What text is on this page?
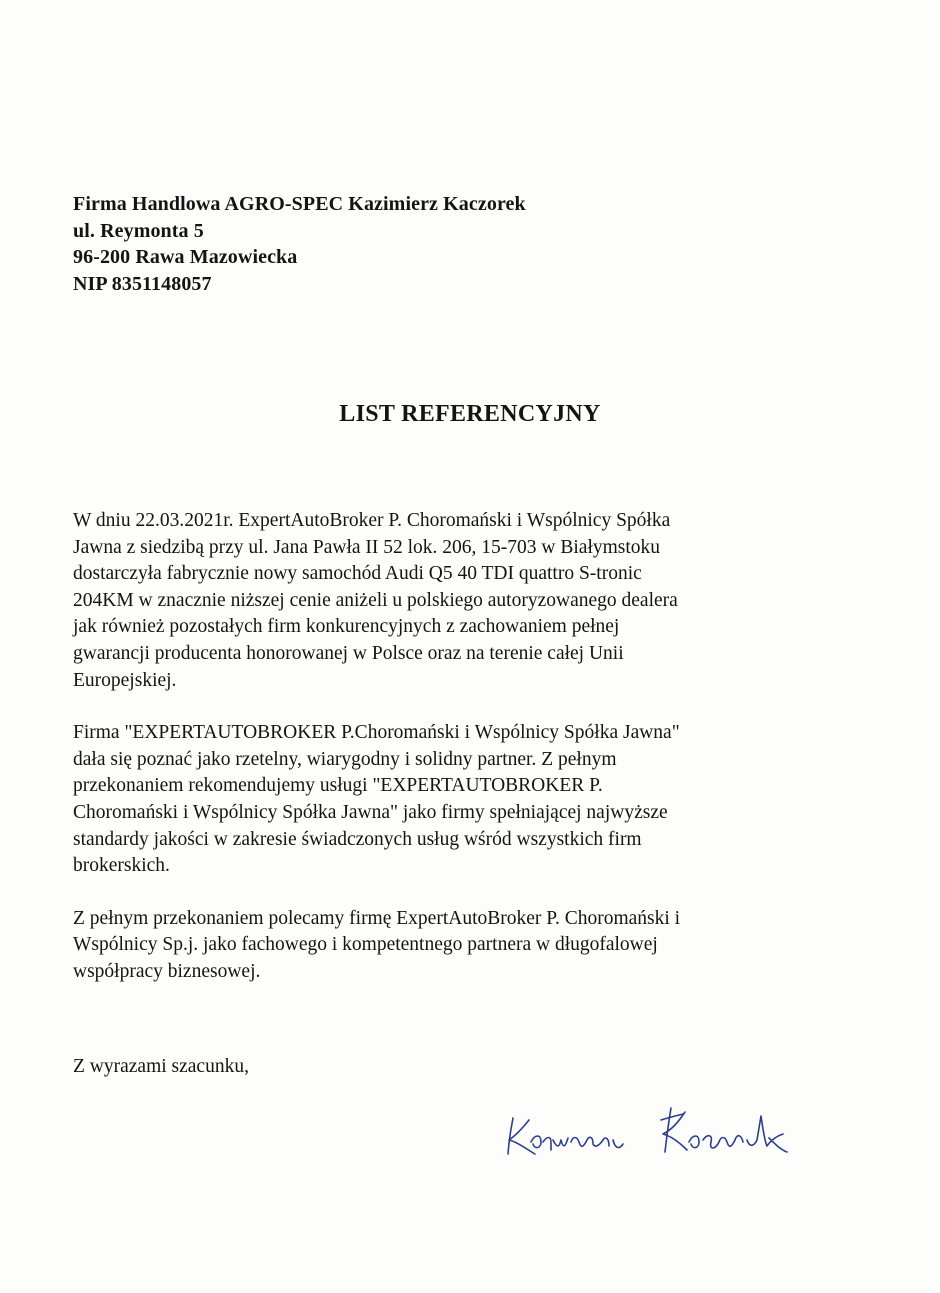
Firma Handlowa AGRO-SPEC Kazimierz Kaczorek
ul. Reymonta 5
96-200 Rawa Mazowiecka
NIP 8351148057
LIST REFERENCYJNY

W dniu 22.03.2021r. ExpertAutoBroker P. Choromański i Wspólnicy Spółka
Jawna z siedzibą przy ul. Jana Pawła II 52 lok. 206, 15-703 w Białymstoku
dostarczyła fabrycznie nowy samochód Audi Q5 40 TDI quattro S-tronic
204KM w znacznie niższej cenie aniżeli u polskiego autoryzowanego dealera
jak również pozostałych firm konkurencyjnych z zachowaniem pełnej
gwarancji producenta honorowanej w Polsce oraz na terenie całej Unii
Europejskiej.

Firma "EXPERTAUTOBROKER P.Choromański i Wspólnicy Spółka Jawna"
dała się poznać jako rzetelny, wiarygodny i solidny partner. Z pełnym
przekonaniem rekomendujemy usługi "EXPERTAUTOBROKER P.
Choromański i Wspólnicy Spółka Jawna" jako firmy spełniającej najwyższe
standardy jakości w zakresie świadczonych usług wśród wszystkich firm
brokerskich.

Z pełnym przekonaniem polecamy firmę ExpertAutoBroker P. Choromański i
Wspólnicy Sp.j. jako fachowego i kompetentnego partnera w długofalowej
współpracy biznesowej.

Z wyrazami szacunku,
